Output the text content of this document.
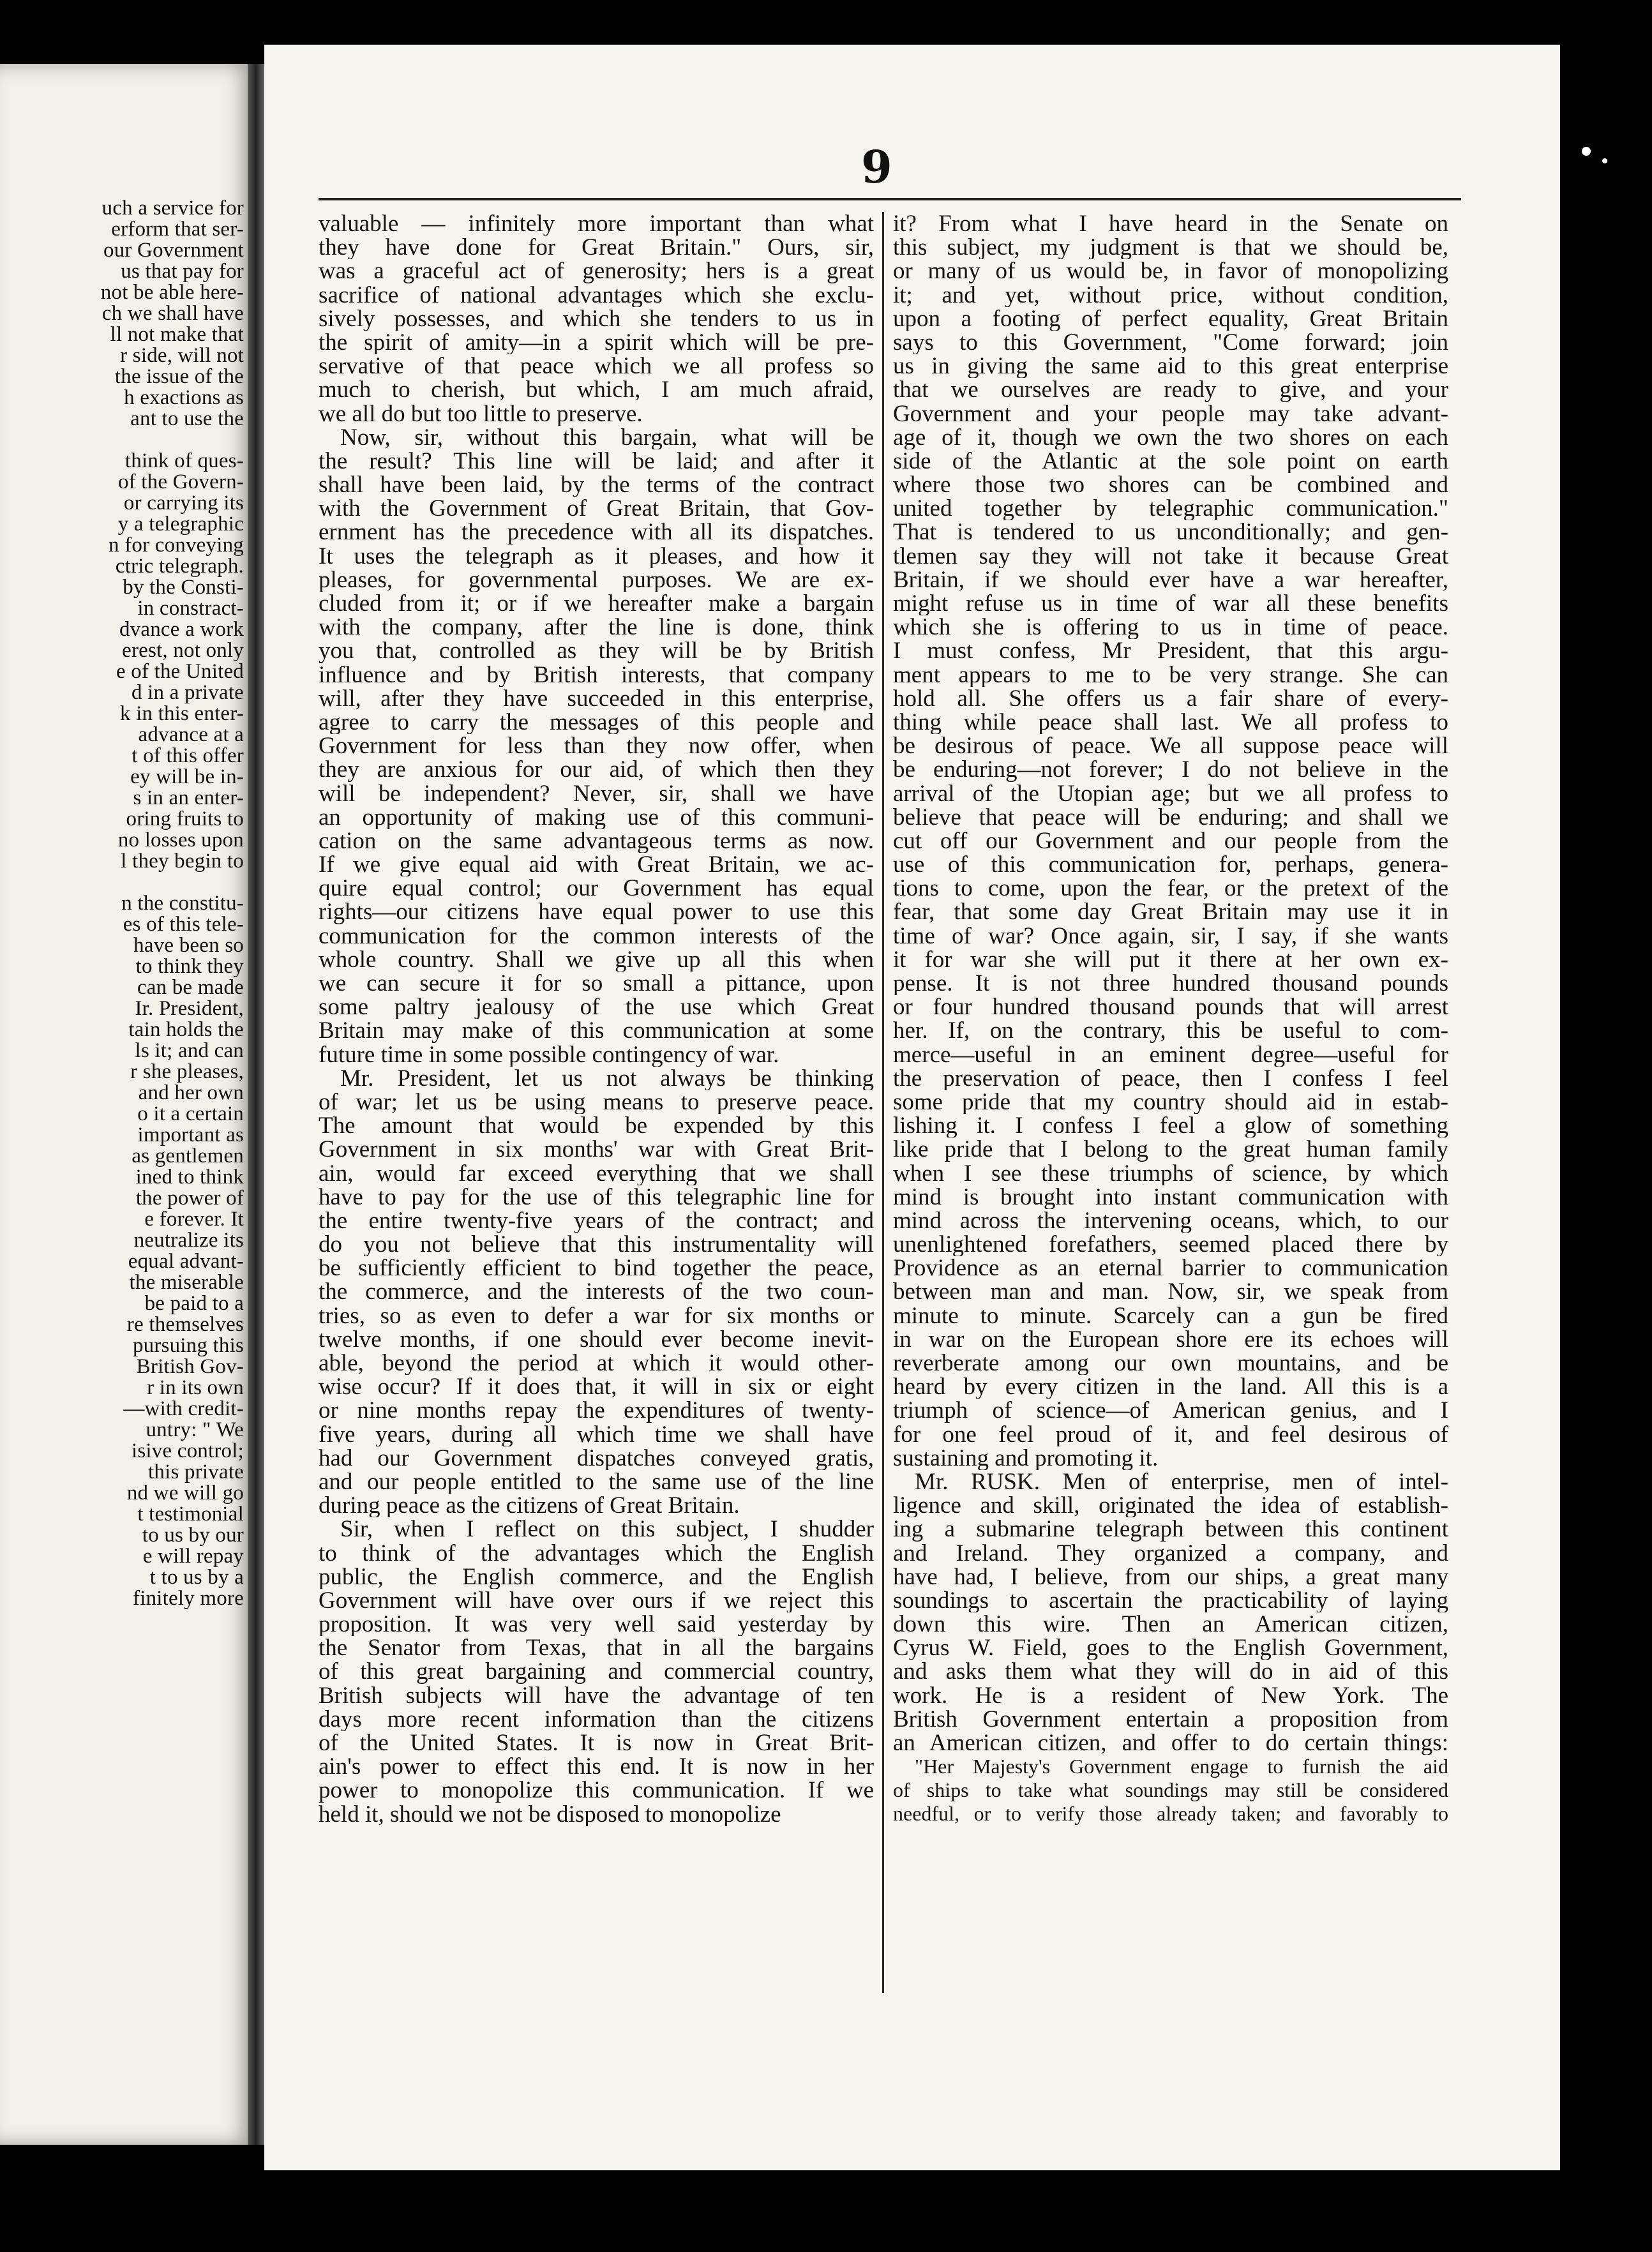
uch a service for
erform that ser-
our Government
us that pay for
not be able here-
ch we shall have
ll not make that
r side, will not
the issue of the
h exactions as
ant to use the
think of ques-
of the Govern-
or carrying its
y a telegraphic
n for conveying
ctric telegraph.
by the Consti-
in constract-
dvance a work
erest, not only
e of the United
d in a private
k in this enter-
advance at a
t of this offer
ey will be in-
s in an enter-
oring fruits to
no losses upon
l they begin to
n the constitu-
es of this tele-
have been so
to think they
can be made
Ir. President,
tain holds the
ls it; and can
r she pleases,
and her own
o it a certain
important as
as gentlemen
ined to think
the power of
e forever. It
neutralize its
equal advant-
the miserable
be paid to a
re themselves
pursuing this
British Gov-
r in its own
—with credit-
untry: " We
isive control;
this private
nd we will go
t testimonial
to us by our
e will repay
t to us by a
finitely more
9
valuable — infinitely more important than what
they have done for Great Britain." Ours, sir,
was a graceful act of generosity; hers is a great
sacrifice of national advantages which she exclu-
sively possesses, and which she tenders to us in
the spirit of amity—in a spirit which will be pre-
servative of that peace which we all profess so
much to cherish, but which, I am much afraid,
we all do but too little to preserve.
Now, sir, without this bargain, what will be
the result? This line will be laid; and after it
shall have been laid, by the terms of the contract
with the Government of Great Britain, that Gov-
ernment has the precedence with all its dispatches.
It uses the telegraph as it pleases, and how it
pleases, for governmental purposes. We are ex-
cluded from it; or if we hereafter make a bargain
with the company, after the line is done, think
you that, controlled as they will be by British
influence and by British interests, that company
will, after they have succeeded in this enterprise,
agree to carry the messages of this people and
Government for less than they now offer, when
they are anxious for our aid, of which then they
will be independent? Never, sir, shall we have
an opportunity of making use of this communi-
cation on the same advantageous terms as now.
If we give equal aid with Great Britain, we ac-
quire equal control; our Government has equal
rights—our citizens have equal power to use this
communication for the common interests of the
whole country. Shall we give up all this when
we can secure it for so small a pittance, upon
some paltry jealousy of the use which Great
Britain may make of this communication at some
future time in some possible contingency of war.
Mr. President, let us not always be thinking
of war; let us be using means to preserve peace.
The amount that would be expended by this
Government in six months' war with Great Brit-
ain, would far exceed everything that we shall
have to pay for the use of this telegraphic line for
the entire twenty-five years of the contract; and
do you not believe that this instrumentality will
be sufficiently efficient to bind together the peace,
the commerce, and the interests of the two coun-
tries, so as even to defer a war for six months or
twelve months, if one should ever become inevit-
able, beyond the period at which it would other-
wise occur? If it does that, it will in six or eight
or nine months repay the expenditures of twenty-
five years, during all which time we shall have
had our Government dispatches conveyed gratis,
and our people entitled to the same use of the line
during peace as the citizens of Great Britain.
Sir, when I reflect on this subject, I shudder
to think of the advantages which the English
public, the English commerce, and the English
Government will have over ours if we reject this
proposition. It was very well said yesterday by
the Senator from Texas, that in all the bargains
of this great bargaining and commercial country,
British subjects will have the advantage of ten
days more recent information than the citizens
of the United States. It is now in Great Brit-
ain's power to effect this end. It is now in her
power to monopolize this communication. If we
held it, should we not be disposed to monopolize
it? From what I have heard in the Senate on
this subject, my judgment is that we should be,
or many of us would be, in favor of monopolizing
it; and yet, without price, without condition,
upon a footing of perfect equality, Great Britain
says to this Government, "Come forward; join
us in giving the same aid to this great enterprise
that we ourselves are ready to give, and your
Government and your people may take advant-
age of it, though we own the two shores on each
side of the Atlantic at the sole point on earth
where those two shores can be combined and
united together by telegraphic communication."
That is tendered to us unconditionally; and gen-
tlemen say they will not take it because Great
Britain, if we should ever have a war hereafter,
might refuse us in time of war all these benefits
which she is offering to us in time of peace.
I must confess, Mr President, that this argu-
ment appears to me to be very strange. She can
hold all. She offers us a fair share of every-
thing while peace shall last. We all profess to
be desirous of peace. We all suppose peace will
be enduring—not forever; I do not believe in the
arrival of the Utopian age; but we all profess to
believe that peace will be enduring; and shall we
cut off our Government and our people from the
use of this communication for, perhaps, genera-
tions to come, upon the fear, or the pretext of the
fear, that some day Great Britain may use it in
time of war? Once again, sir, I say, if she wants
it for war she will put it there at her own ex-
pense. It is not three hundred thousand pounds
or four hundred thousand pounds that will arrest
her. If, on the contrary, this be useful to com-
merce—useful in an eminent degree—useful for
the preservation of peace, then I confess I feel
some pride that my country should aid in estab-
lishing it. I confess I feel a glow of something
like pride that I belong to the great human family
when I see these triumphs of science, by which
mind is brought into instant communication with
mind across the intervening oceans, which, to our
unenlightened forefathers, seemed placed there by
Providence as an eternal barrier to communication
between man and man. Now, sir, we speak from
minute to minute. Scarcely can a gun be fired
in war on the European shore ere its echoes will
reverberate among our own mountains, and be
heard by every citizen in the land. All this is a
triumph of science—of American genius, and I
for one feel proud of it, and feel desirous of
sustaining and promoting it.
Mr. RUSK. Men of enterprise, men of intel-
ligence and skill, originated the idea of establish-
ing a submarine telegraph between this continent
and Ireland. They organized a company, and
have had, I believe, from our ships, a great many
soundings to ascertain the practicability of laying
down this wire. Then an American citizen,
Cyrus W. Field, goes to the English Government,
and asks them what they will do in aid of this
work. He is a resident of New York. The
British Government entertain a proposition from
an American citizen, and offer to do certain things:
"Her Majesty's Government engage to furnish the aid
of ships to take what soundings may still be considered
needful, or to verify those already taken; and favorably to
